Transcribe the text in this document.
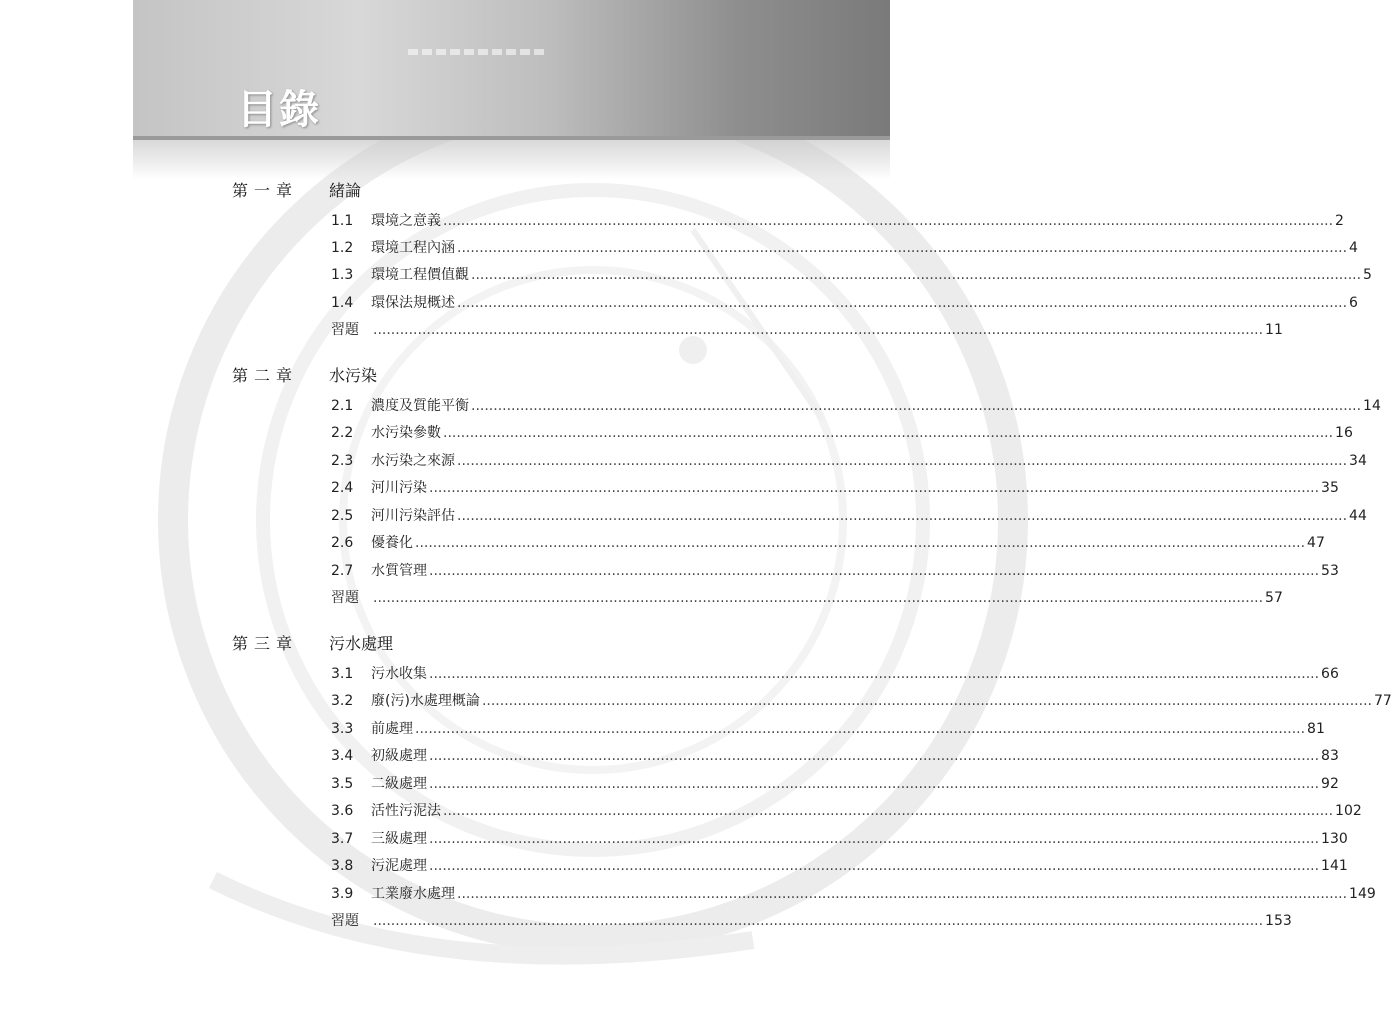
目錄
第一章 緒論
1.1	環境之意義 ........................................................................................................................................................................................................ 2
1.2	環境工程內涵 ........................................................................................................................................................................................................ 4
1.3	環境工程價值觀 ........................................................................................................................................................................................................ 5
1.4	環保法規概述 ........................................................................................................................................................................................................ 6
習題	........................................................................................................................................................................................................ 11
第二章 水污染
2.1	濃度及質能平衡 ........................................................................................................................................................................................................ 14
2.2	水污染參數 ........................................................................................................................................................................................................ 16
2.3	水污染之來源 ........................................................................................................................................................................................................ 34
2.4	河川污染 ........................................................................................................................................................................................................ 35
2.5	河川污染評估 ........................................................................................................................................................................................................ 44
2.6	優養化 ........................................................................................................................................................................................................ 47
2.7	水質管理 ........................................................................................................................................................................................................ 53
習題	........................................................................................................................................................................................................ 57
第三章 污水處理
3.1	污水收集 ........................................................................................................................................................................................................ 66
3.2	廢(污)水處理概論 ........................................................................................................................................................................................................ 77
3.3	前處理 ........................................................................................................................................................................................................ 81
3.4	初級處理 ........................................................................................................................................................................................................ 83
3.5	二級處理 ........................................................................................................................................................................................................ 92
3.6	活性污泥法 ........................................................................................................................................................................................................ 102
3.7	三級處理 ........................................................................................................................................................................................................ 130
3.8	污泥處理 ........................................................................................................................................................................................................ 141
3.9	工業廢水處理 ........................................................................................................................................................................................................ 149
習題	........................................................................................................................................................................................................ 153
